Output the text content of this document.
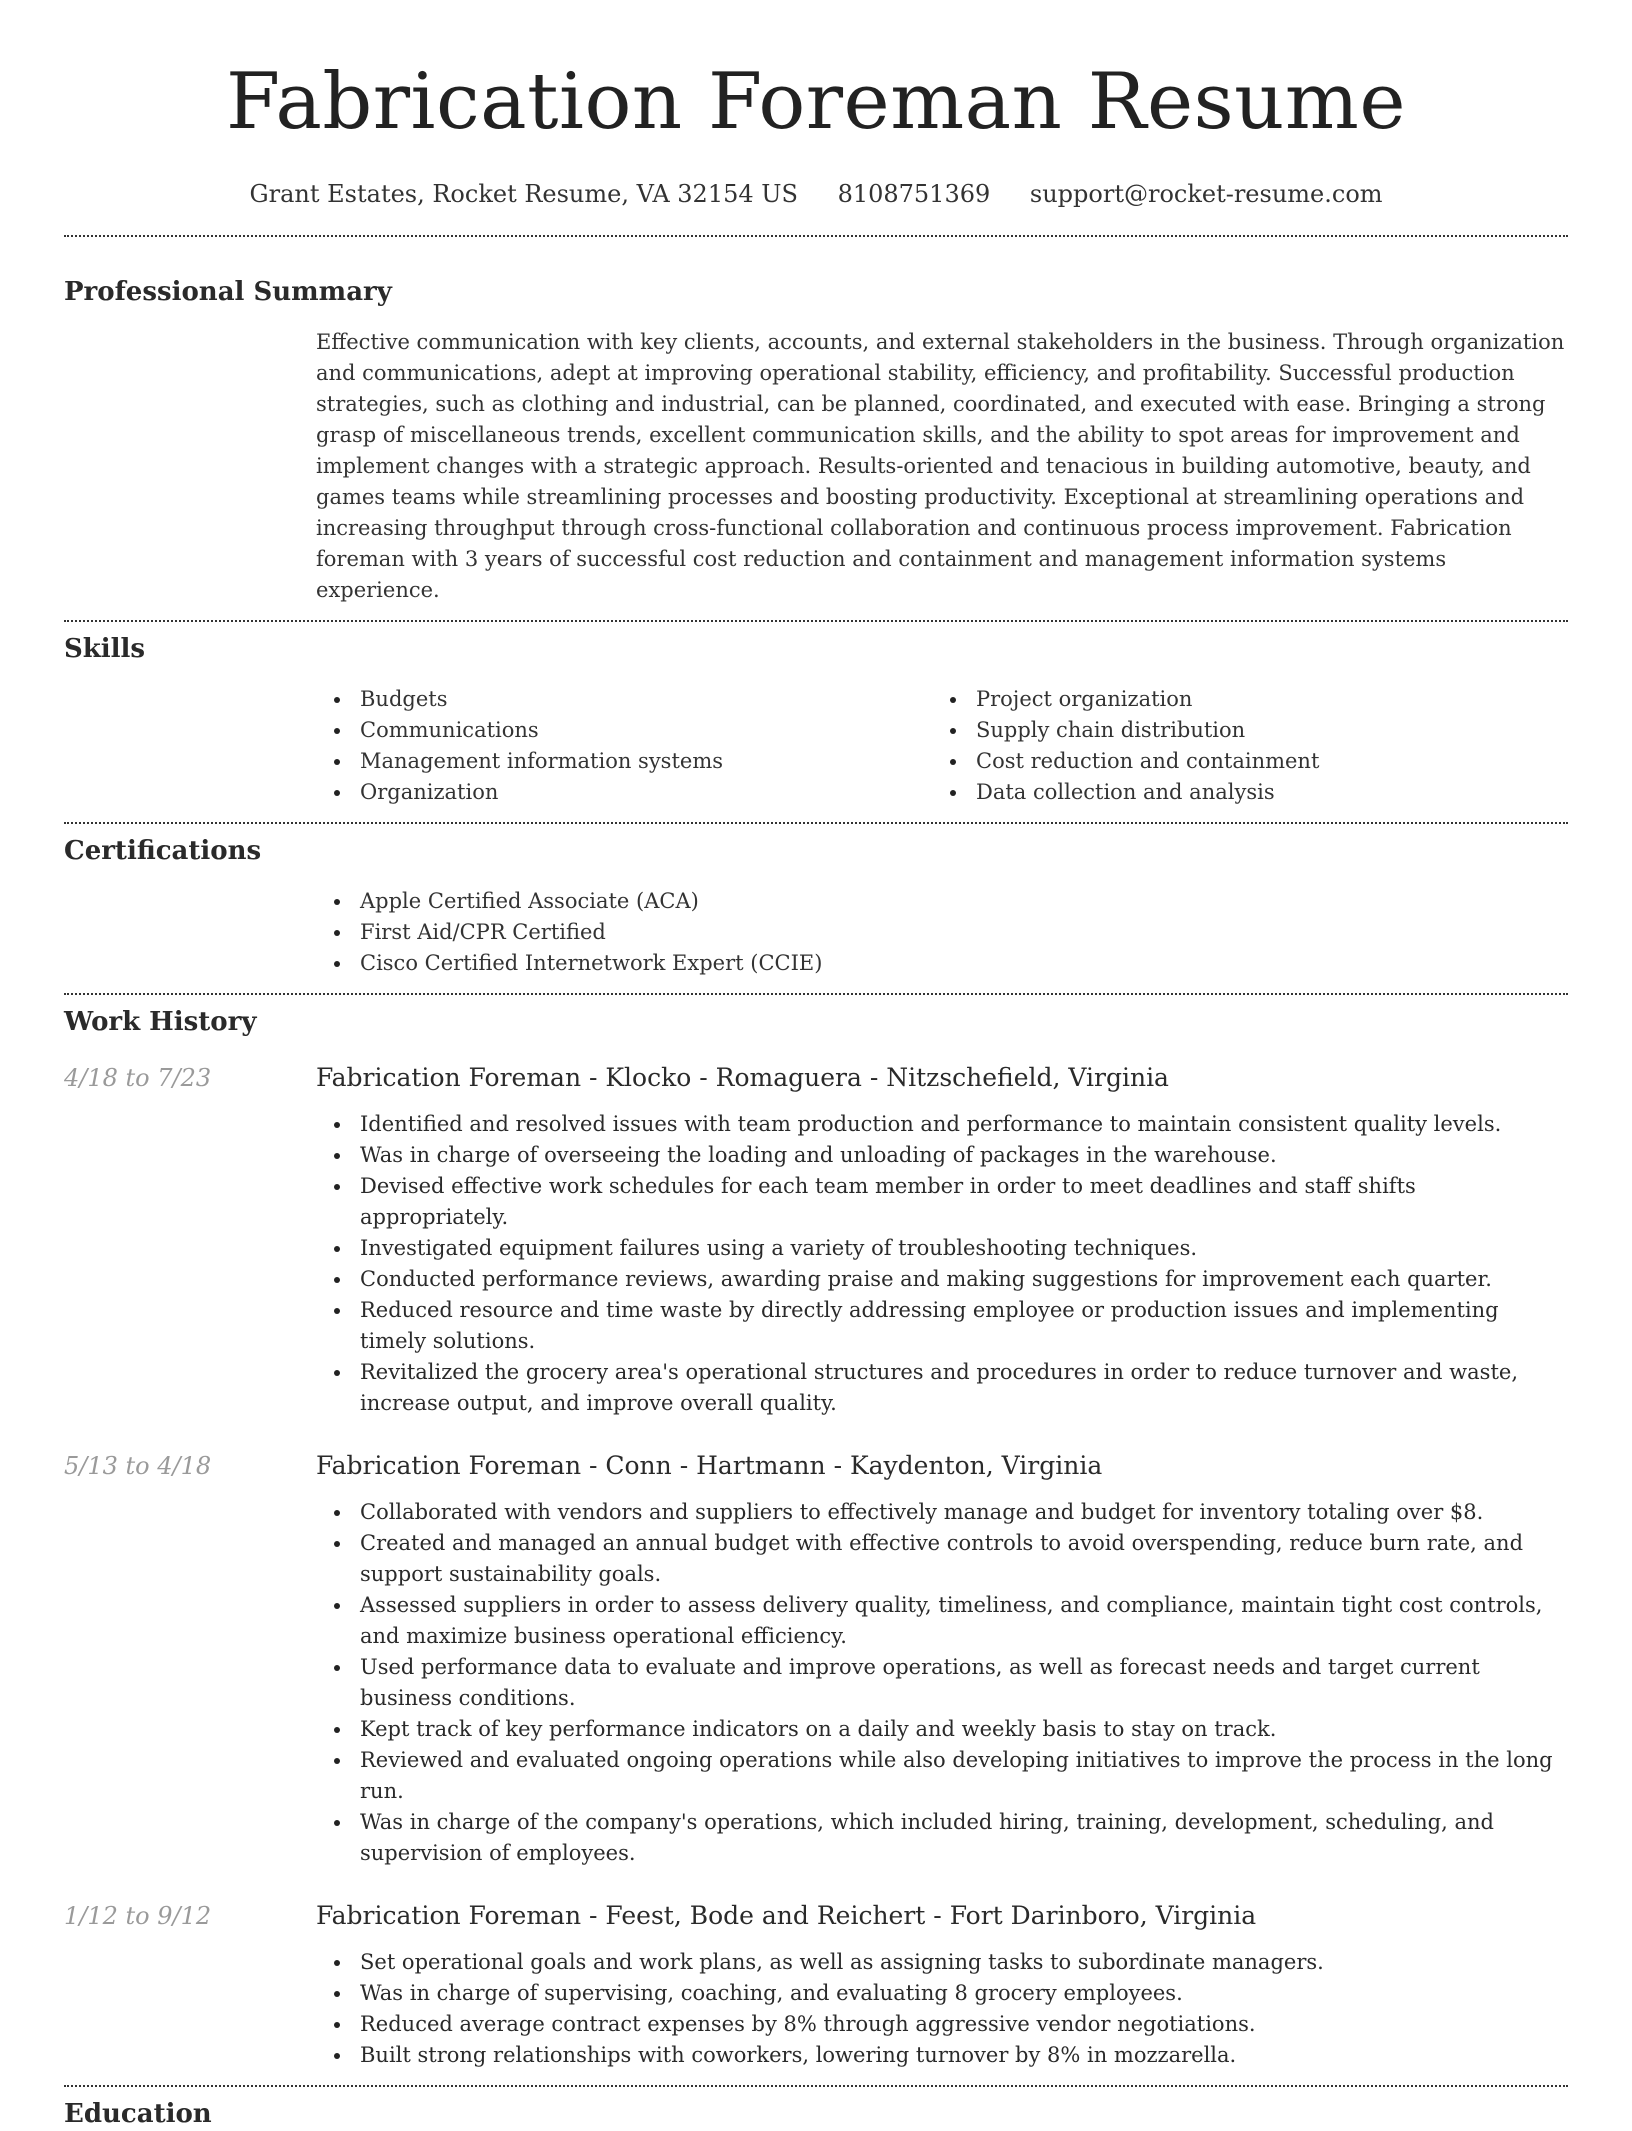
Fabrication Foreman Resume
Grant Estates, Rocket Resume, VA 32154 US 8108751369 support@rocket-resume.com
Professional Summary

Effective communication with key clients, accounts, and external stakeholders in the business. Through organization and communications, adept at improving operational stability, efficiency, and profitability. Successful production strategies, such as clothing and industrial, can be planned, coordinated, and executed with ease. Bringing a strong grasp of miscellaneous trends, excellent communication skills, and the ability to spot areas for improvement and implement changes with a strategic approach. Results-oriented and tenacious in building automotive, beauty, and games teams while streamlining processes and boosting productivity. Exceptional at streamlining operations and increasing throughput through cross-functional collaboration and continuous process improvement. Fabrication foreman with 3 years of successful cost reduction and containment and management information systems experience.

Skills
Budgets
Communications
Management information systems
Organization
Project organization
Supply chain distribution
Cost reduction and containment
Data collection and analysis
Certifications
Apple Certified Associate (ACA)
First Aid/CPR Certified
Cisco Certified Internetwork Expert (CCIE)
Work History
4/18 to 7/23	Fabrication Foreman - Klocko - Romaguera - Nitzschefield, Virginia
Identified and resolved issues with team production and performance to maintain consistent quality levels.
Was in charge of overseeing the loading and unloading of packages in the warehouse.
Devised effective work schedules for each team member in order to meet deadlines and staff shifts appropriately.
Investigated equipment failures using a variety of troubleshooting techniques.
Conducted performance reviews, awarding praise and making suggestions for improvement each quarter.
Reduced resource and time waste by directly addressing employee or production issues and implementing timely solutions.
Revitalized the grocery area's operational structures and procedures in order to reduce turnover and waste, increase output, and improve overall quality.
5/13 to 4/18	Fabrication Foreman - Conn - Hartmann - Kaydenton, Virginia
Collaborated with vendors and suppliers to effectively manage and budget for inventory totaling over $8.
Created and managed an annual budget with effective controls to avoid overspending, reduce burn rate, and support sustainability goals.
Assessed suppliers in order to assess delivery quality, timeliness, and compliance, maintain tight cost controls, and maximize business operational efficiency.
Used performance data to evaluate and improve operations, as well as forecast needs and target current business conditions.
Kept track of key performance indicators on a daily and weekly basis to stay on track.
Reviewed and evaluated ongoing operations while also developing initiatives to improve the process in the long run.
Was in charge of the company's operations, which included hiring, training, development, scheduling, and supervision of employees.
1/12 to 9/12	Fabrication Foreman - Feest, Bode and Reichert - Fort Darinboro, Virginia
Set operational goals and work plans, as well as assigning tasks to subordinate managers.
Was in charge of supervising, coaching, and evaluating 8 grocery employees.
Reduced average contract expenses by 8% through aggressive vendor negotiations.
Built strong relationships with coworkers, lowering turnover by 8% in mozzarella.
Education
